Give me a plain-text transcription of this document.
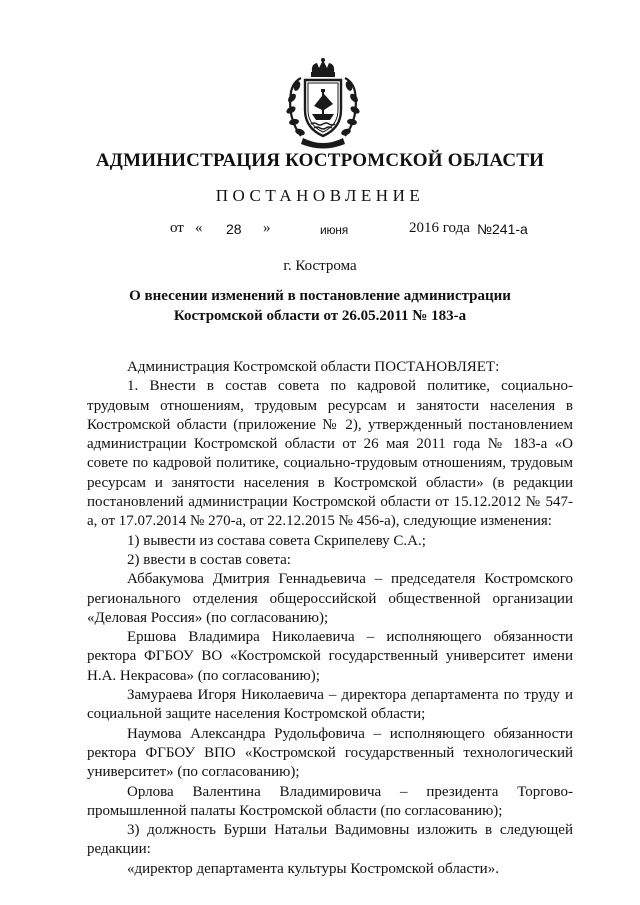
АДМИНИСТРАЦИЯ КОСТРОМСКОЙ ОБЛАСТИ
ПОСТАНОВЛЕНИЕ
от « 28 »	июня	2016 года №241-а
г. Кострома
О внесении изменений в постановление администрации
Костромской области от 26.05.2011 № 183-а

Администрация Костромской области ПОСТАНОВЛЯЕТ:

1. Внести в состав совета по кадровой политике, социально-трудовым отношениям, трудовым ресурсам и занятости населения в Костромской области (приложение № 2), утвержденный постановлением администрации Костромской области от 26 мая 2011 года № 183-а «О совете по кадровой политике, социально-трудовым отношениям, трудовым ресурсам и занятости населения в Костромской области» (в редакции постановлений администрации Костромской области от 15.12.2012 № 547-а, от 17.07.2014 № 270-а, от 22.12.2015 № 456-а), следующие изменения:

1) вывести из состава совета Скрипелеву С.А.;

2) ввести в состав совета:

Аббакумова Дмитрия Геннадьевича – председателя Костромского регионального отделения общероссийской общественной организации «Деловая Россия» (по согласованию);

Ершова Владимира Николаевича – исполняющего обязанности ректора ФГБОУ ВО «Костромской государственный университет имени Н.А. Некрасова» (по согласованию);

Замураева Игоря Николаевича – директора департамента по труду и социальной защите населения Костромской области;

Наумова Александра Рудольфовича – исполняющего обязанности ректора ФГБОУ ВПО «Костромской государственный технологический университет» (по согласованию);

Орлова Валентина Владимировича – президента Торгово-промышленной палаты Костромской области (по согласованию);

3) должность Бурши Натальи Вадимовны изложить в следующей редакции:

«директор департамента культуры Костромской области».
